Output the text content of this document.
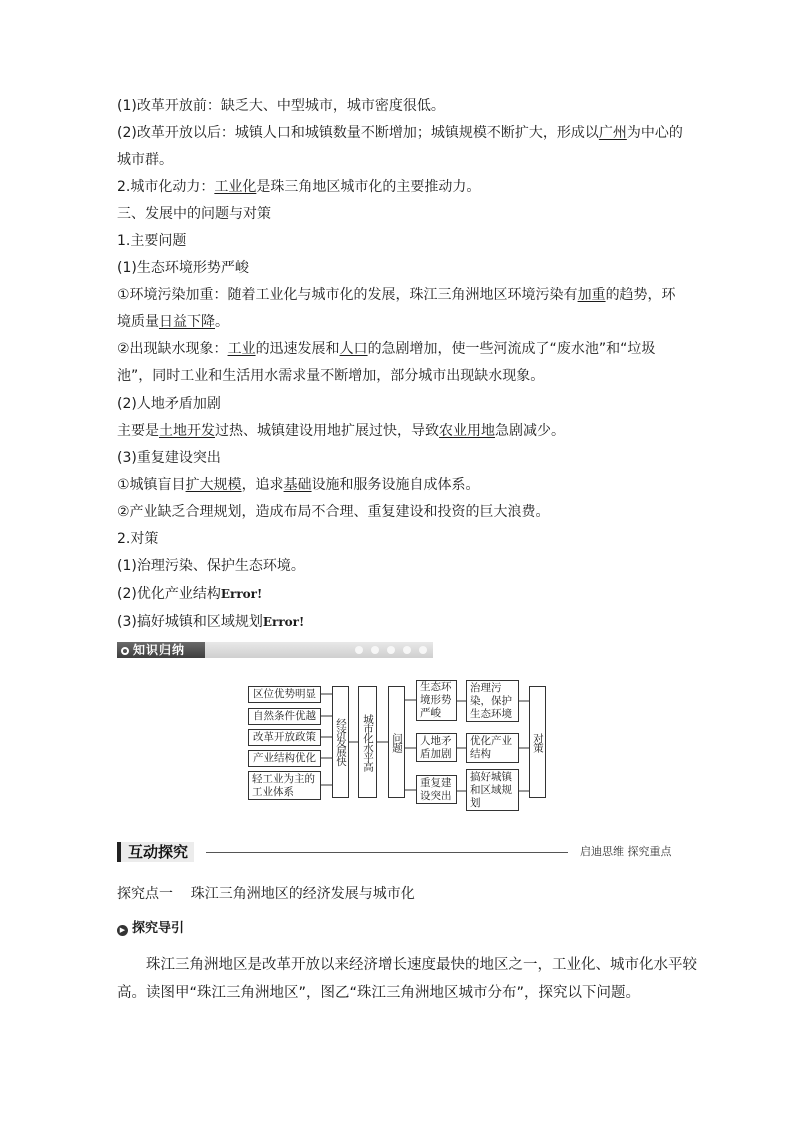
(1)改革开放前：缺乏大、中型城市，城市密度很低。
(2)改革开放以后：城镇人口和城镇数量不断增加；城镇规模不断扩大，形成以广州为中心的
城市群。
2.城市化动力：工业化是珠三角地区城市化的主要推动力。
三、发展中的问题与对策
1.主要问题
(1)生态环境形势严峻
①环境污染加重：随着工业化与城市化的发展，珠江三角洲地区环境污染有加重的趋势，环
境质量日益下降。
②出现缺水现象：工业的迅速发展和人口的急剧增加，使一些河流成了“废水池”和“垃圾
池”，同时工业和生活用水需求量不断增加，部分城市出现缺水现象。
(2)人地矛盾加剧
主要是土地开发过热、城镇建设用地扩展过快，导致农业用地急剧减少。
(3)重复建设突出
①城镇盲目扩大规模，追求基础设施和服务设施自成体系。
②产业缺乏合理规划，造成布局不合理、重复建设和投资的巨大浪费。
2.对策
(1)治理污染、保护生态环境。
(2)优化产业结构Error!
(3)搞好城镇和区域规划Error!
知识归纳
区位优势明显
自然条件优越
改革开放政策
产业结构优化
轻工业为主的工业体系
经济发展快 城市化水平高 问题
生态环境形势严峻
人地矛盾加剧
重复建设突出
治理污染，保护生态环境
优化产业结构
搞好城镇和区域规划
对策
互动探究	启迪思维 探究重点
探究点一    珠江三角洲地区的经济发展与城市化
▶ 探究导引
珠江三角洲地区是改革开放以来经济增长速度最快的地区之一，工业化、城市化水平较
高。读图甲“珠江三角洲地区”，图乙“珠江三角洲地区城市分布”，探究以下问题。
